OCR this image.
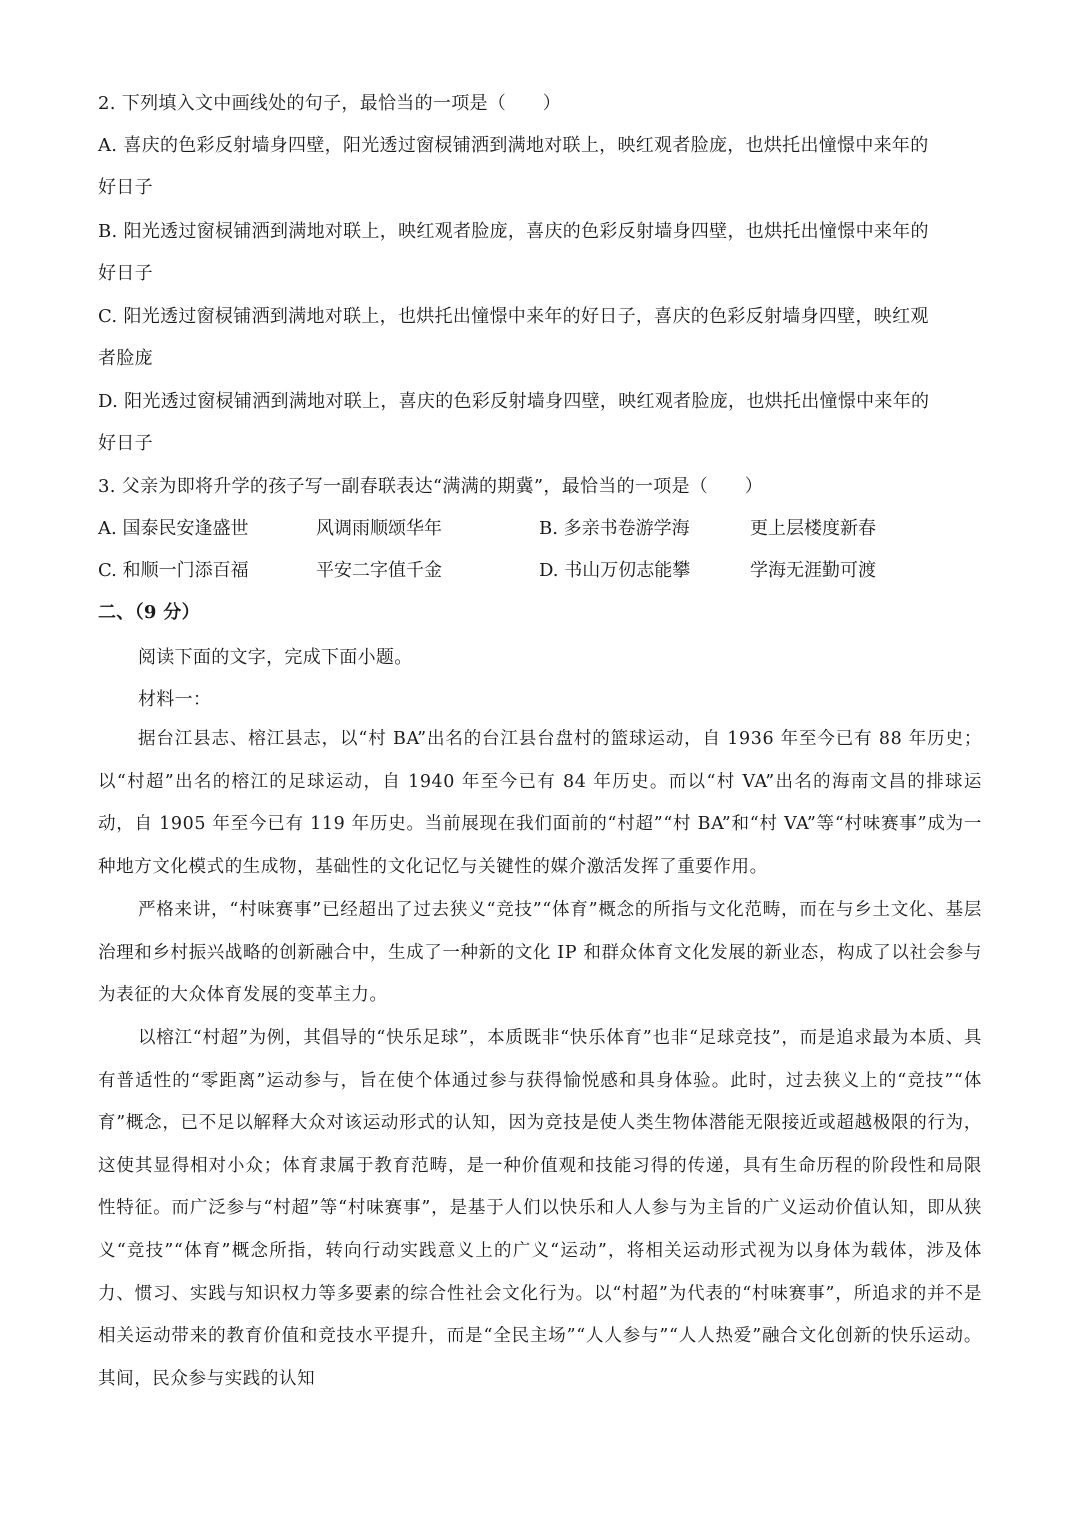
2. 下列填入文中画线处的句子，最恰当的一项是（　　）
A. 喜庆的色彩反射墙身四壁，阳光透过窗棂铺洒到满地对联上，映红观者脸庞，也烘托出憧憬中来年的
好日子
B. 阳光透过窗棂铺洒到满地对联上，映红观者脸庞，喜庆的色彩反射墙身四壁，也烘托出憧憬中来年的
好日子
C. 阳光透过窗棂铺洒到满地对联上，也烘托出憧憬中来年的好日子，喜庆的色彩反射墙身四壁，映红观
者脸庞
D. 阳光透过窗棂铺洒到满地对联上，喜庆的色彩反射墙身四壁，映红观者脸庞，也烘托出憧憬中来年的
好日子
3. 父亲为即将升学的孩子写一副春联表达“满满的期冀”，最恰当的一项是（　　）
A. 国泰民安逢盛世	风调雨顺颂华年	B. 多亲书卷游学海	更上层楼度新春
C. 和顺一门添百福	平安二字值千金	D. 书山万仞志能攀	学海无涯勤可渡
二、（9 分）
阅读下面的文字，完成下面小题。
材料一：

据台江县志、榕江县志，以“村 BA”出名的台江县台盘村的篮球运动，自 1936 年至今已有 88 年历史；以“村超”出名的榕江的足球运动，自 1940 年至今已有 84 年历史。而以“村 VA”出名的海南文昌的排球运动，自 1905 年至今已有 119 年历史。当前展现在我们面前的“村超”“村 BA”和“村 VA”等“村味赛事”成为一种地方文化模式的生成物，基础性的文化记忆与关键性的媒介激活发挥了重要作用。

严格来讲，“村味赛事”已经超出了过去狭义“竞技”“体育”概念的所指与文化范畴，而在与乡土文化、基层治理和乡村振兴战略的创新融合中，生成了一种新的文化 IP 和群众体育文化发展的新业态，构成了以社会参与为表征的大众体育发展的变革主力。

以榕江“村超”为例，其倡导的“快乐足球”，本质既非“快乐体育”也非“足球竞技”，而是追求最为本质、具有普适性的“零距离”运动参与，旨在使个体通过参与获得愉悦感和具身体验。此时，过去狭义上的“竞技”“体育”概念，已不足以解释大众对该运动形式的认知，因为竞技是使人类生物体潜能无限接近或超越极限的行为，这使其显得相对小众；体育隶属于教育范畴，是一种价值观和技能习得的传递，具有生命历程的阶段性和局限性特征。而广泛参与“村超”等“村味赛事”，是基于人们以快乐和人人参与为主旨的广义运动价值认知，即从狭义“竞技”“体育”概念所指，转向行动实践意义上的广义“运动”，将相关运动形式视为以身体为载体，涉及体力、惯习、实践与知识权力等多要素的综合性社会文化行为。以“村超”为代表的“村味赛事”，所追求的并不是相关运动带来的教育价值和竞技水平提升，而是“全民主场”“人人参与”“人人热爱”融合文化创新的快乐运动。其间，民众参与实践的认知
